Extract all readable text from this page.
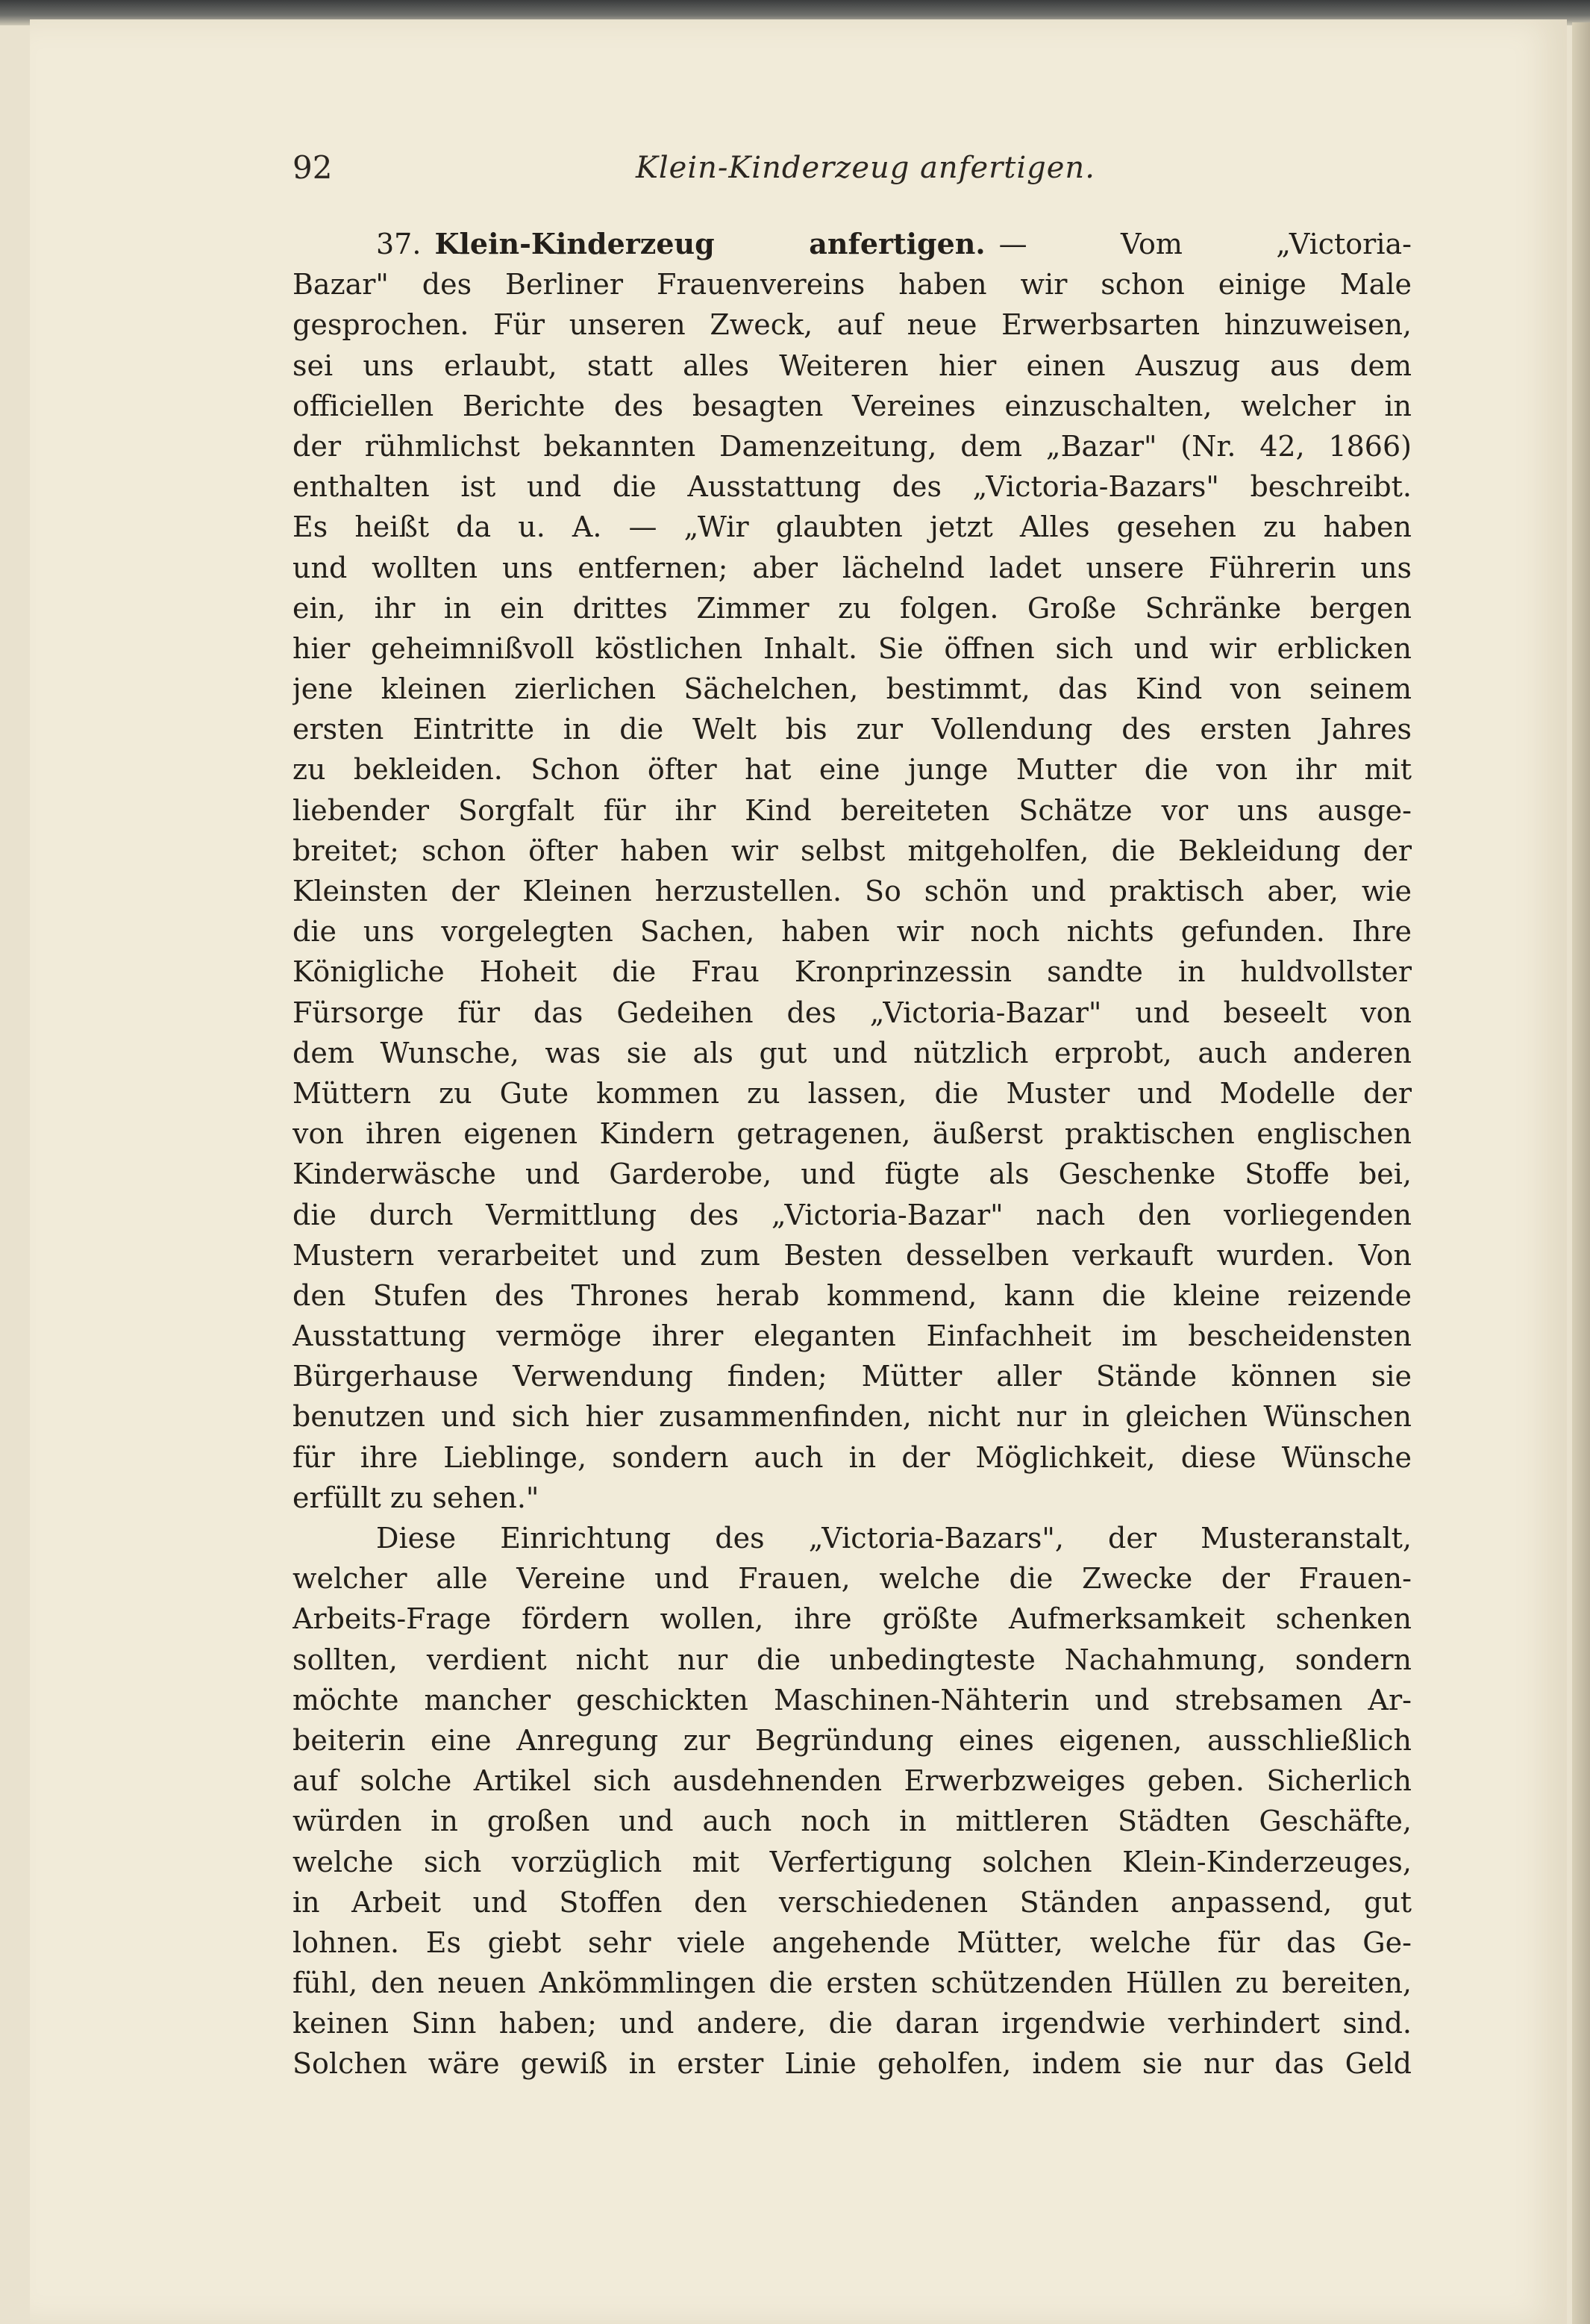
92	Klein-Kinderzeug anfertigen.
37. Klein-Kinderzeug anfertigen. — Vom „Victoria-
Bazar" des Berliner Frauenvereins haben wir schon einige Male
gesprochen. Für unseren Zweck, auf neue Erwerbsarten hinzuweisen,
sei uns erlaubt, statt alles Weiteren hier einen Auszug aus dem
officiellen Berichte des besagten Vereines einzuschalten, welcher in
der rühmlichst bekannten Damenzeitung, dem „Bazar" (Nr. 42, 1866)
enthalten ist und die Ausstattung des „Victoria-Bazars" beschreibt.
Es heißt da u. A. — „Wir glaubten jetzt Alles gesehen zu haben
und wollten uns entfernen; aber lächelnd ladet unsere Führerin uns
ein, ihr in ein drittes Zimmer zu folgen. Große Schränke bergen
hier geheimnißvoll köstlichen Inhalt. Sie öffnen sich und wir erblicken
jene kleinen zierlichen Sächelchen, bestimmt, das Kind von seinem
ersten Eintritte in die Welt bis zur Vollendung des ersten Jahres
zu bekleiden. Schon öfter hat eine junge Mutter die von ihr mit
liebender Sorgfalt für ihr Kind bereiteten Schätze vor uns ausge-
breitet; schon öfter haben wir selbst mitgeholfen, die Bekleidung der
Kleinsten der Kleinen herzustellen. So schön und praktisch aber, wie
die uns vorgelegten Sachen, haben wir noch nichts gefunden. Ihre
Königliche Hoheit die Frau Kronprinzessin sandte in huldvollster
Fürsorge für das Gedeihen des „Victoria-Bazar" und beseelt von
dem Wunsche, was sie als gut und nützlich erprobt, auch anderen
Müttern zu Gute kommen zu lassen, die Muster und Modelle der
von ihren eigenen Kindern getragenen, äußerst praktischen englischen
Kinderwäsche und Garderobe, und fügte als Geschenke Stoffe bei,
die durch Vermittlung des „Victoria-Bazar" nach den vorliegenden
Mustern verarbeitet und zum Besten desselben verkauft wurden. Von
den Stufen des Thrones herab kommend, kann die kleine reizende
Ausstattung vermöge ihrer eleganten Einfachheit im bescheidensten
Bürgerhause Verwendung finden; Mütter aller Stände können sie
benutzen und sich hier zusammenfinden, nicht nur in gleichen Wünschen
für ihre Lieblinge, sondern auch in der Möglichkeit, diese Wünsche
erfüllt zu sehen."
Diese Einrichtung des „Victoria-Bazars", der Musteranstalt,
welcher alle Vereine und Frauen, welche die Zwecke der Frauen-
Arbeits-Frage fördern wollen, ihre größte Aufmerksamkeit schenken
sollten, verdient nicht nur die unbedingteste Nachahmung, sondern
möchte mancher geschickten Maschinen-Nähterin und strebsamen Ar-
beiterin eine Anregung zur Begründung eines eigenen, ausschließlich
auf solche Artikel sich ausdehnenden Erwerbzweiges geben. Sicherlich
würden in großen und auch noch in mittleren Städten Geschäfte,
welche sich vorzüglich mit Verfertigung solchen Klein-Kinderzeuges,
in Arbeit und Stoffen den verschiedenen Ständen anpassend, gut
lohnen. Es giebt sehr viele angehende Mütter, welche für das Ge-
fühl, den neuen Ankömmlingen die ersten schützenden Hüllen zu bereiten,
keinen Sinn haben; und andere, die daran irgendwie verhindert sind.
Solchen wäre gewiß in erster Linie geholfen, indem sie nur das Geld
